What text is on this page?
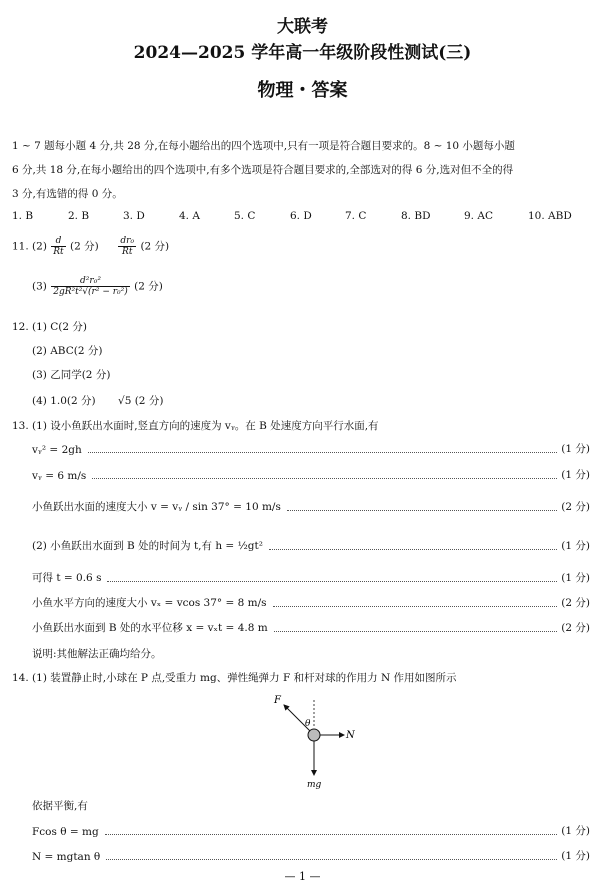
大联考
2024—2025 学年高一年级阶段性测试(三)
物理・答案
1 ~ 7 题每小题 4 分,共 28 分,在每小题给出的四个选项中,只有一项是符合题目要求的。8 ~ 10 小题每小题
6 分,共 18 分,在每小题给出的四个选项中,有多个选项是符合题目要求的,全部选对的得 6 分,选对但不全的得
3 分,有选错的得 0 分。
1. B	2. B	3. D	4. A	5. C	6. D	7. C	8. BD	9. AC	10. ABD
11. $(2) \frac{d}{Rt} (2$ 分) $\frac{\text{dr₀}}{Rt} (2$ 分)
$(3) \frac{\text{d²r₀²}}{\text{2gR²t²√(r² − r₀²)}} (2$ 分)
12. (1) C(2 分)
(2) ABC(2 分)
(3) 乙同学(2 分)
(4) 1.0(2 分) √5 (2 分)
13. (1) 设小鱼跃出水面时,竖直方向的速度为 vᵧ。在 B 处速度方向平行水面,有
vᵧ² = 2gh	(1 分)
vᵧ = 6 m/s	(1 分)
小鱼跃出水面的速度大小 v = vᵧ / sin 37° = 10 m/s	(2 分)
(2) 小鱼跃出水面到 B 处的时间为 t,有 h = ½gt²	(1 分)
可得 t = 0.6 s	(1 分)
小鱼水平方向的速度大小 vₓ = vcos 37° = 8 m/s	(2 分)
小鱼跃出水面到 B 处的水平位移 x = vₓt = 4.8 m	(2 分)
说明:其他解法正确均给分。
14. (1) 装置静止时,小球在 P 点,受重力 mg、弹性绳弹力 F 和杆对球的作用力 N 作用如图所示
F
θ
N
mg
依据平衡,有
Fcos θ = mg	(1 分)
N = mgtan θ	(1 分)
— 1 —
